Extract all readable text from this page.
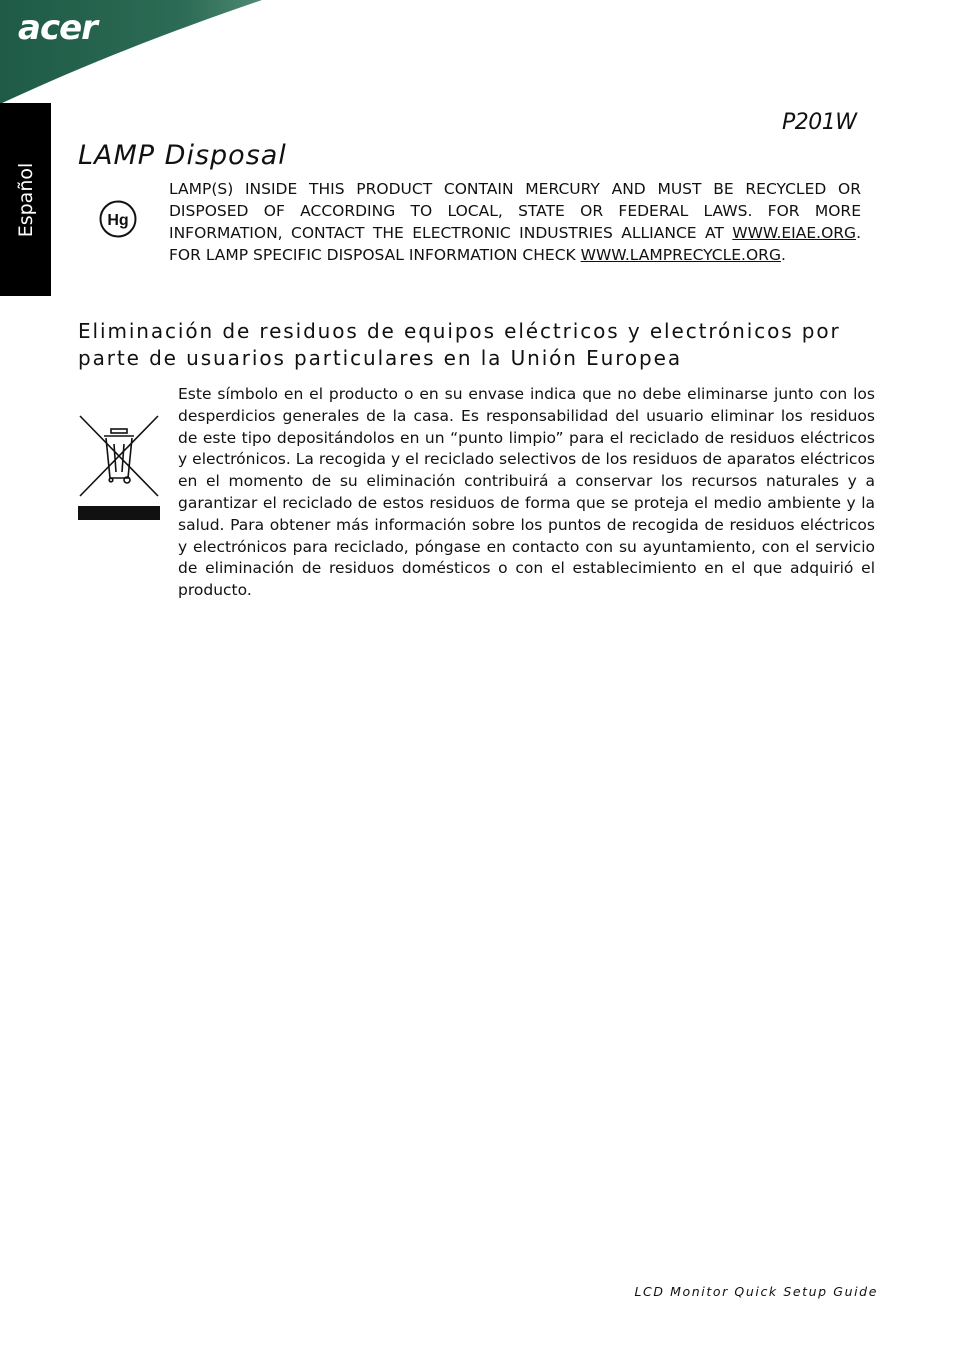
acer
Español
P201W
LAMP Disposal
Hg

LAMP(S) INSIDE THIS PRODUCT CONTAIN MERCURY AND MUST BE RECYCLED OR DISPOSED OF ACCORDING TO LOCAL, STATE OR FEDERAL LAWS. FOR MORE INFORMATION, CONTACT THE ELECTRONIC INDUSTRIES ALLIANCE AT WWW.EIAE.ORG. FOR LAMP SPECIFIC DISPOSAL INFORMATION CHECK WWW.LAMPRECYCLE.ORG.

Eliminación de residuos de equipos eléctricos y electrónicos por parte de usuarios particulares en la Unión Europea

Este símbolo en el producto o en su envase indica que no debe eliminarse junto con los desperdicios generales de la casa. Es responsabilidad del usuario eliminar los residuos de este tipo depositándolos en un “punto limpio” para el reciclado de residuos eléctricos y electrónicos. La recogida y el reciclado selectivos de los residuos de aparatos eléctricos en el momento de su eliminación contribuirá a conservar los recursos naturales y a garantizar el reciclado de estos residuos de forma que se proteja el medio ambiente y la salud. Para obtener más información sobre los puntos de recogida de residuos eléctricos y electrónicos para reciclado, póngase en contacto con su ayuntamiento, con el servicio de eliminación de residuos domésticos o con el establecimiento en el que adquirió el producto.

LCD Monitor Quick Setup Guide
